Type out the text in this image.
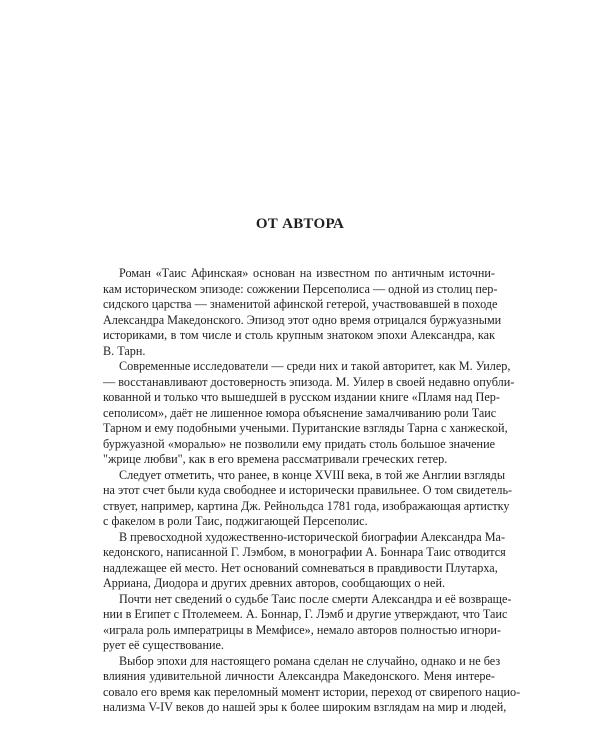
ОТ АВТОРА
Роман «Таис Афинская» основан на известном по античным источни-
кам историческом эпизоде: сожжении Персеполиса — одной из столиц пер-
сидского царства — знаменитой афинской гетерой, участвовавшей в походе
Александра Македонского. Эпизод этот одно время отрицался буржуазными
историками, в том числе и столь крупным знатоком эпохи Александра, как
В. Тарн.
Современные исследователи — среди них и такой авторитет, как М. Уилер,
— восстанавливают достоверность эпизода. М. Уилер в своей недавно опубли-
кованной и только что вышедшей в русском издании книге «Пламя над Пер-
сеполисом», даёт не лишенное юмора объяснение замалчиванию роли Таис
Тарном и ему подобными учеными. Пуританские взгляды Тарна с ханжеской,
буржуазной «моралью» не позволили ему придать столь большое значение
"жрице любви", как в его времена рассматривали греческих гетер.
Следует отметить, что ранее, в конце XVIII века, в той же Англии взгляды
на этот счет были куда свободнее и исторически правильнее. О том свидетель-
ствует, например, картина Дж. Рейнольдса 1781 года, изображающая артистку
с факелом в роли Таис, поджигающей Персеполис.
В превосходной художественно-исторической биографии Александра Ма-
кедонского, написанной Г. Лэмбом, в монографии А. Боннара Таис отводится
надлежащее ей место. Нет оснований сомневаться в правдивости Плутарха,
Арриана, Диодора и других древних авторов, сообщающих о ней.
Почти нет сведений о судьбе Таис после смерти Александра и её возвраще-
нии в Египет с Птолемеем. А. Боннар, Г. Лэмб и другие утверждают, что Таис
«играла роль императрицы в Мемфисе», немало авторов полностью игнори-
рует её существование.
Выбор эпохи для настоящего романа сделан не случайно, однако и не без
влияния удивительной личности Александра Македонского. Меня интере-
совало его время как переломный момент истории, переход от свирепого нацио-
нализма V-IV веков до нашей эры к более широким взглядам на мир и людей,
